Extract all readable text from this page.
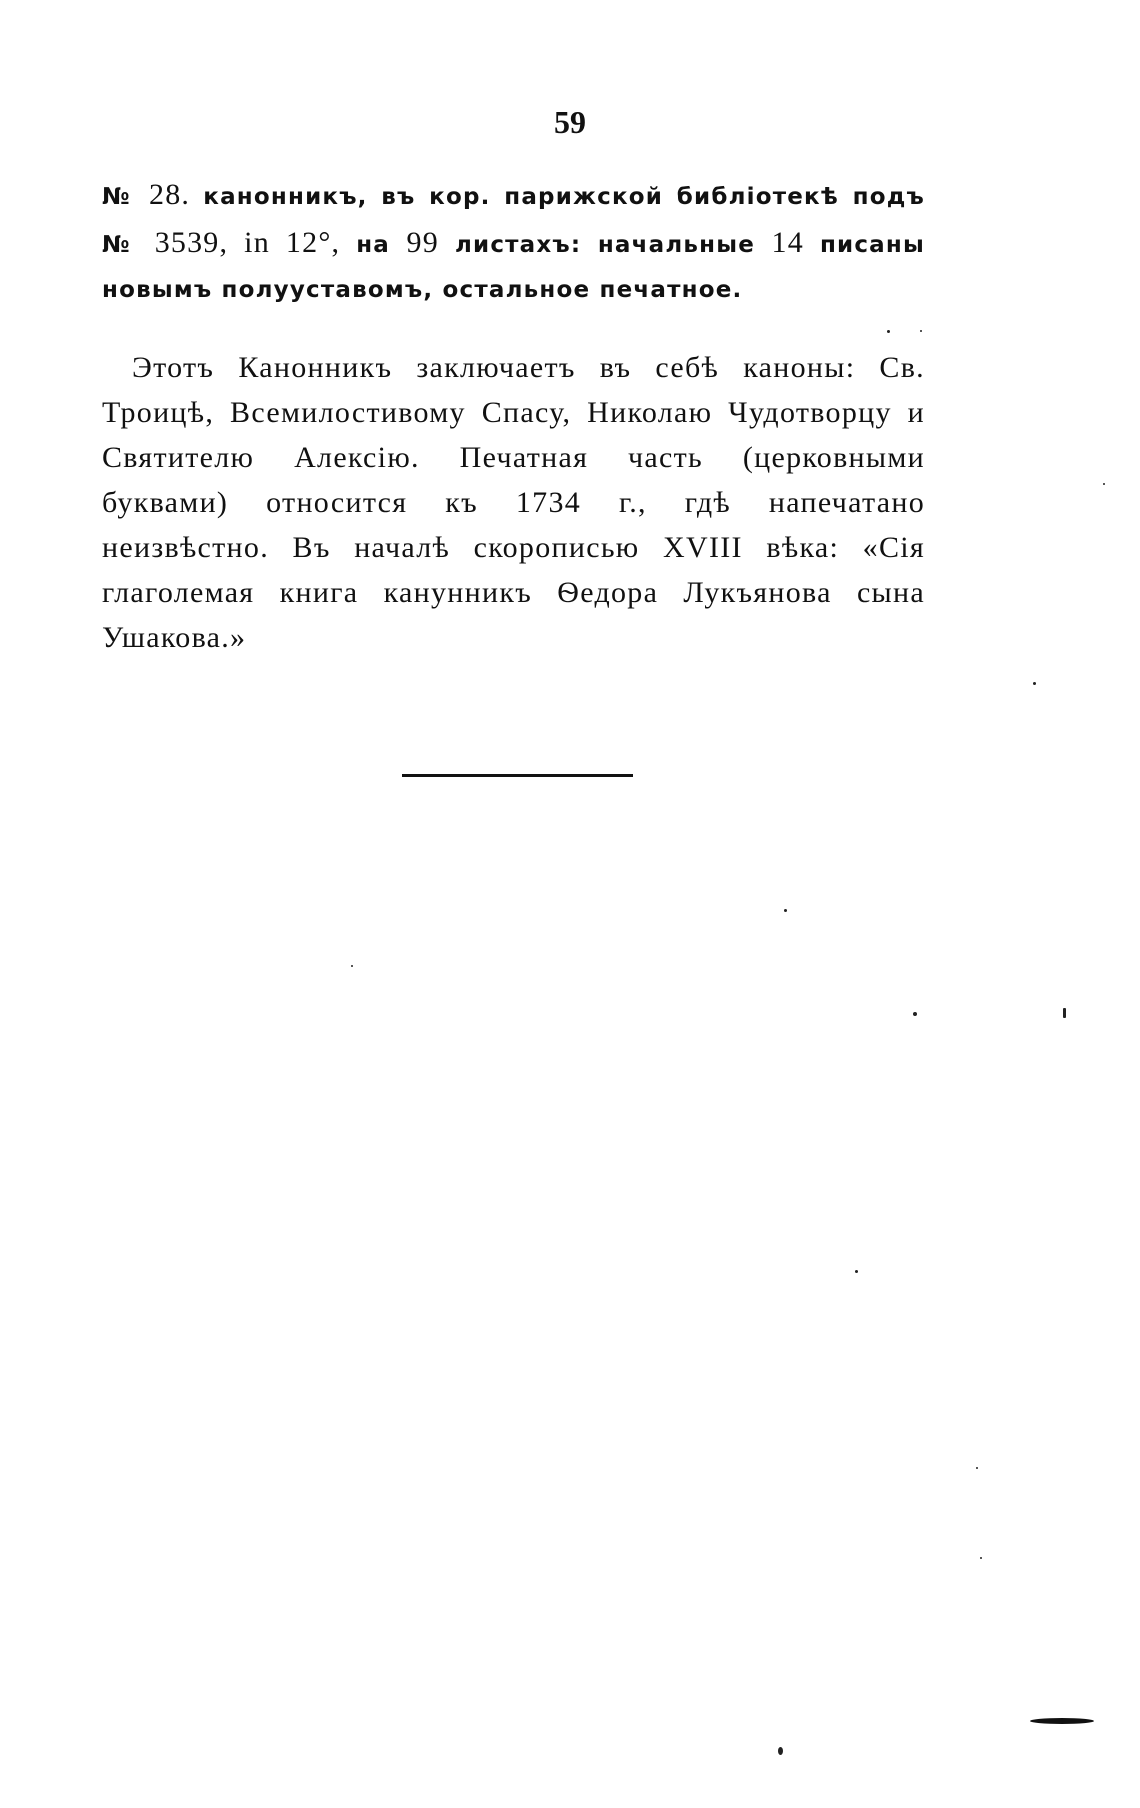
59
№ 28. канонникъ, въ кор. парижской библіотекѣ подъ № 3539, in 12°, на 99 листахъ: начальные 14 писаны новымъ полууставомъ, остальное печатное.
Этотъ Канонникъ заключаетъ въ себѣ каноны: Св. Троицѣ, Всемилостивому Спасу, Николаю Чудотворцу и Святителю Алексію. Печатная часть (церковными буквами) относится къ 1734 г., гдѣ напечатано неизвѣстно. Въ началѣ скорописью XVIII вѣка: «Сія глаголемая книга канунникъ Ѳедора Лукъянова сына Ушакова.»
